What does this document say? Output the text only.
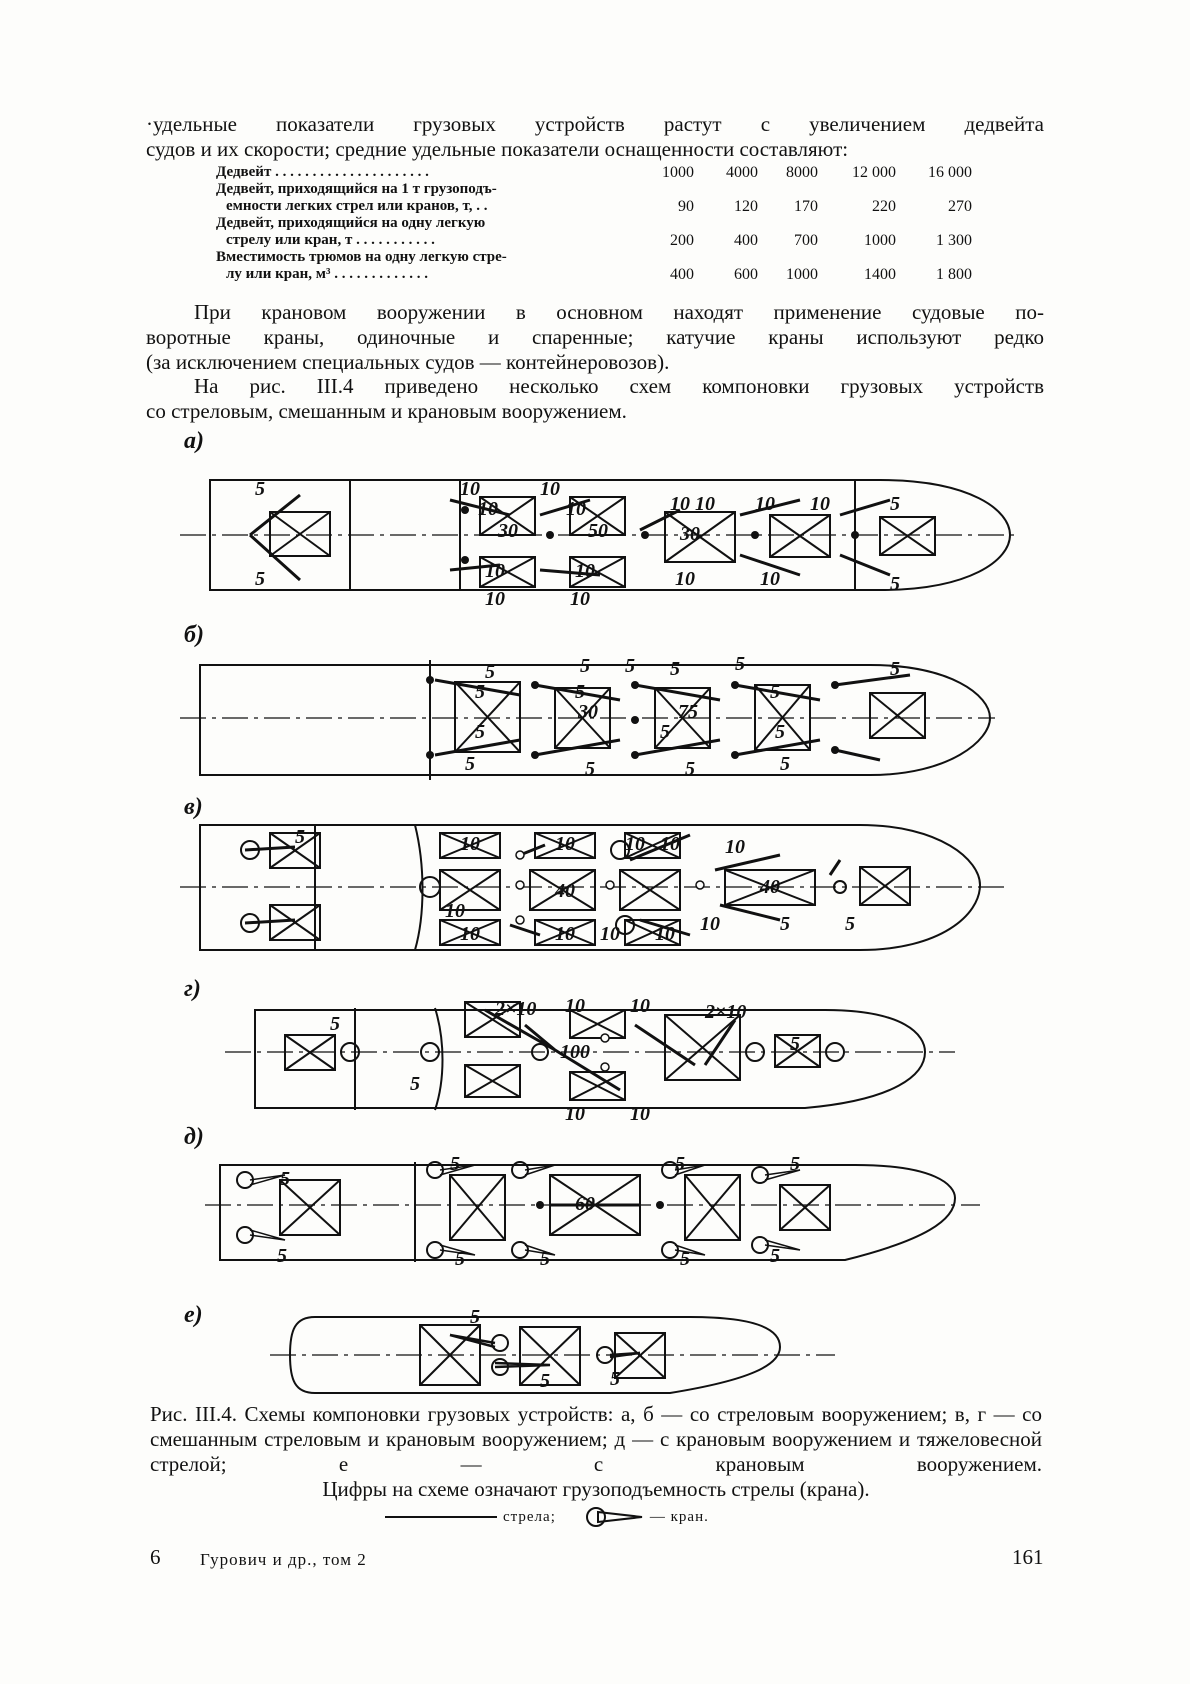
·удельные показатели грузовых устройств растут с увеличением дедвейта
судов и их скорости; средние удельные показатели оснащенности составляют:
Дедвейт . . . . . . . . . . . . . . . . . . . . .	1000	4000	8000	12 000	16 000
Дедвейт, приходящийся на 1 т грузоподъ-
емности легких стрел или кранов, т, . .	90	120	170	220	270
Дедвейт, приходящийся на одну легкую
стрелу или кран, т . . . . . . . . . . .	200	400	700	1000	1 300
Вместимость трюмов на одну легкую стре-
лу или кран, м³ . . . . . . . . . . . . .	400	600	1000	1400	1 800
При крановом вооружении в основном находят применение судовые по-
воротные краны, одиночные и спаренные; катучие краны используют редко
(за исключением специальных судов — контейнеровозов).
На рис. III.4 приведено несколько схем компоновки грузовых устройств
со стреловым, смешанным и крановым вооружением.
а)
б)
в)
г)
д)
е)
5
5
10	10
10	10
30	50
10	10
10	10
10 10
30
10 10
10	10
5
5
5
5
5
5
5
5
30	75
5
5
5
5
5
5
5	5	5	5
5	10	10	10 10
40
10
40
10	10 10 10
10
10	5	5
5
5
2×10 10 10
100
10 10
2×10
5
5
5
5	5
60
5	5	5
5
5
5
5	5
Рис. III.4. Схемы компоновки грузовых устройств: а, б — со стреловым вооружением; в, г — со смешанным стреловым и крановым вооружением; д — с крановым вооружением и тяжеловесной стрелой; е — с крановым вооружением.
Цифры на схеме означают грузоподъемность стрелы (крана).
стрела;	— кран.
6 Гурович и др., том 2	161
